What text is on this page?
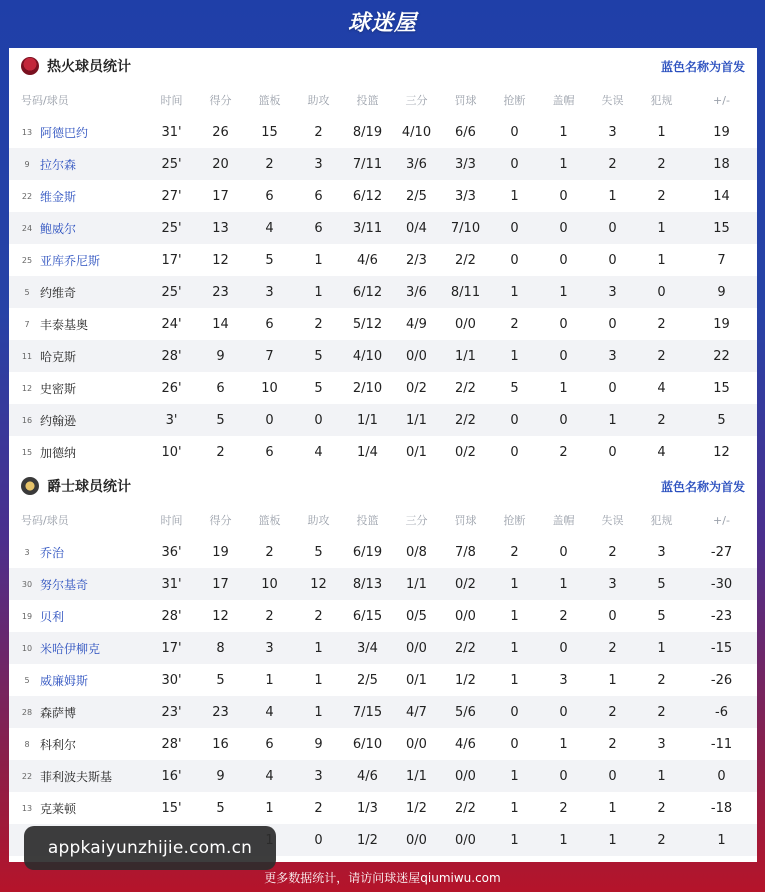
球迷屋
热火球员统计	蓝色名称为首发
号码/球员	时间	得分	篮板	助攻	投篮	三分	罚球	抢断	盖帽	失误	犯规	+/-
13 阿德巴约	31'	26	15	2	8/19	4/10	6/6	0	1	3	1	19
9 拉尔森	25'	20	2	3	7/11	3/6	3/3	0	1	2	2	18
22 维金斯	27'	17	6	6	6/12	2/5	3/3	1	0	1	2	14
24 鲍威尔	25'	13	4	6	3/11	0/4	7/10	0	0	0	1	15
25 亚库乔尼斯	17'	12	5	1	4/6	2/3	2/2	0	0	0	1	7
5 约维奇	25'	23	3	1	6/12	3/6	8/11	1	1	3	0	9
7 丰泰基奥	24'	14	6	2	5/12	4/9	0/0	2	0	0	2	19
11 哈克斯	28'	9	7	5	4/10	0/0	1/1	1	0	3	2	22
12 史密斯	26'	6	10	5	2/10	0/2	2/2	5	1	0	4	15
16 约翰逊	3'	5	0	0	1/1	1/1	2/2	0	0	1	2	5
15 加德纳	10'	2	6	4	1/4	0/1	0/2	0	2	0	4	12
爵士球员统计	蓝色名称为首发
号码/球员	时间	得分	篮板	助攻	投篮	三分	罚球	抢断	盖帽	失误	犯规	+/-
3 乔治	36'	19	2	5	6/19	0/8	7/8	2	0	2	3	-27
30 努尔基奇	31'	17	10	12	8/13	1/1	0/2	1	1	3	5	-30
19 贝利	28'	12	2	2	6/15	0/5	0/0	1	2	0	5	-23
10 米哈伊柳克	17'	8	3	1	3/4	0/0	2/2	1	0	2	1	-15
5 威廉姆斯	30'	5	1	1	2/5	0/1	1/2	1	3	1	2	-26
28 森萨博	23'	23	4	1	7/15	4/7	5/6	0	0	2	2	-6
8 科利尔	28'	16	6	9	6/10	0/0	4/6	0	1	2	3	-11
22 菲利波夫斯基	16'	9	4	3	4/6	1/1	0/0	1	0	0	1	0
13 克莱顿	15'	5	1	2	1/3	1/2	2/2	1	2	1	2	-18
				0	1/2	0/0	0/0	1	1	1	2	1
appkaiyunzhijie.com.cn
更多数据统计，请访问球迷屋qiumiwu.com
